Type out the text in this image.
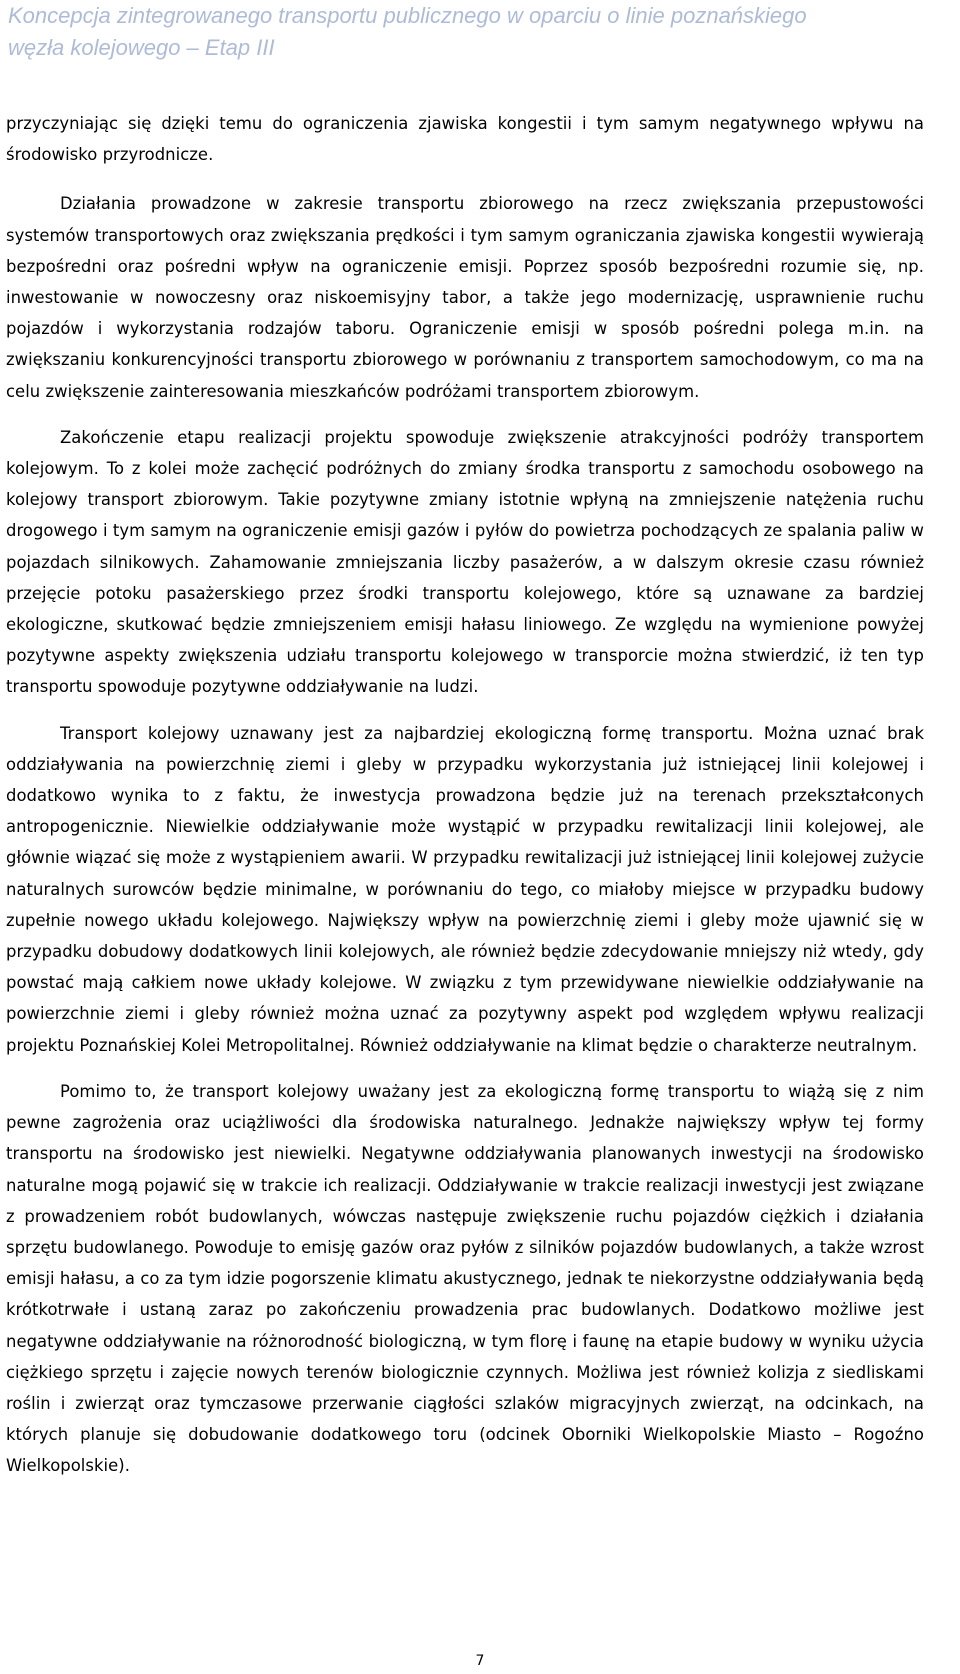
Koncepcja zintegrowanego transportu publicznego w oparciu o linie poznańskiego
węzła kolejowego – Etap III

przyczyniając się dzięki temu do ograniczenia zjawiska kongestii i tym samym negatywnego wpływu na środowisko przyrodnicze.

Działania prowadzone w zakresie transportu zbiorowego na rzecz zwiększania przepustowości systemów transportowych oraz zwiększania prędkości i tym samym ograniczania zjawiska kongestii wywierają bezpośredni oraz pośredni wpływ na ograniczenie emisji. Poprzez sposób bezpośredni rozumie się, np. inwestowanie w nowoczesny oraz niskoemisyjny tabor, a także jego modernizację, usprawnienie ruchu pojazdów i wykorzystania rodzajów taboru. Ograniczenie emisji w sposób pośredni polega m.in. na zwiększaniu konkurencyjności transportu zbiorowego w porównaniu z transportem samochodowym, co ma na celu zwiększenie zainteresowania mieszkańców podróżami transportem zbiorowym.

Zakończenie etapu realizacji projektu spowoduje zwiększenie atrakcyjności podróży transportem kolejowym. To z kolei może zachęcić podróżnych do zmiany środka transportu z samochodu osobowego na kolejowy transport zbiorowym. Takie pozytywne zmiany istotnie wpłyną na zmniejszenie natężenia ruchu drogowego i tym samym na ograniczenie emisji gazów i pyłów do powietrza pochodzących ze spalania paliw w pojazdach silnikowych. Zahamowanie zmniejszania liczby pasażerów, a w dalszym okresie czasu również przejęcie potoku pasażerskiego przez środki transportu kolejowego, które są uznawane za bardziej ekologiczne, skutkować będzie zmniejszeniem emisji hałasu liniowego. Ze względu na wymienione powyżej pozytywne aspekty zwiększenia udziału transportu kolejowego w transporcie można stwierdzić, iż ten typ transportu spowoduje pozytywne oddziaływanie na ludzi.

Transport kolejowy uznawany jest za najbardziej ekologiczną formę transportu. Można uznać brak oddziaływania na powierzchnię ziemi i gleby w przypadku wykorzystania już istniejącej linii kolejowej i dodatkowo wynika to z faktu, że inwestycja prowadzona będzie już na terenach przekształconych antropogenicznie. Niewielkie oddziaływanie może wystąpić w przypadku rewitalizacji linii kolejowej, ale głównie wiązać się może z wystąpieniem awarii. W przypadku rewitalizacji już istniejącej linii kolejowej zużycie naturalnych surowców będzie minimalne, w porównaniu do tego, co miałoby miejsce w przypadku budowy zupełnie nowego układu kolejowego. Największy wpływ na powierzchnię ziemi i gleby może ujawnić się w przypadku dobudowy dodatkowych linii kolejowych, ale również będzie zdecydowanie mniejszy niż wtedy, gdy powstać mają całkiem nowe układy kolejowe. W związku z tym przewidywane niewielkie oddziaływanie na powierzchnie ziemi i gleby również można uznać za pozytywny aspekt pod względem wpływu realizacji projektu Poznańskiej Kolei Metropolitalnej. Również oddziaływanie na klimat będzie o charakterze neutralnym.

Pomimo to, że transport kolejowy uważany jest za ekologiczną formę transportu to wiążą się z nim pewne zagrożenia oraz uciążliwości dla środowiska naturalnego. Jednakże największy wpływ tej formy transportu na środowisko jest niewielki. Negatywne oddziaływania planowanych inwestycji na środowisko naturalne mogą pojawić się w trakcie ich realizacji. Oddziaływanie w trakcie realizacji inwestycji jest związane z prowadzeniem robót budowlanych, wówczas następuje zwiększenie ruchu pojazdów ciężkich i działania sprzętu budowlanego. Powoduje to emisję gazów oraz pyłów z silników pojazdów budowlanych, a także wzrost emisji hałasu, a co za tym idzie pogorszenie klimatu akustycznego, jednak te niekorzystne oddziaływania będą krótkotrwałe i ustaną zaraz po zakończeniu prowadzenia prac budowlanych. Dodatkowo możliwe jest negatywne oddziaływanie na różnorodność biologiczną, w tym florę i faunę na etapie budowy w wyniku użycia ciężkiego sprzętu i zajęcie nowych terenów biologicznie czynnych. Możliwa jest również kolizja z siedliskami roślin i zwierząt oraz tymczasowe przerwanie ciągłości szlaków migracyjnych zwierząt, na odcinkach, na których planuje się dobudowanie dodatkowego toru (odcinek Oborniki Wielkopolskie Miasto – Rogoźno Wielkopolskie).

7
